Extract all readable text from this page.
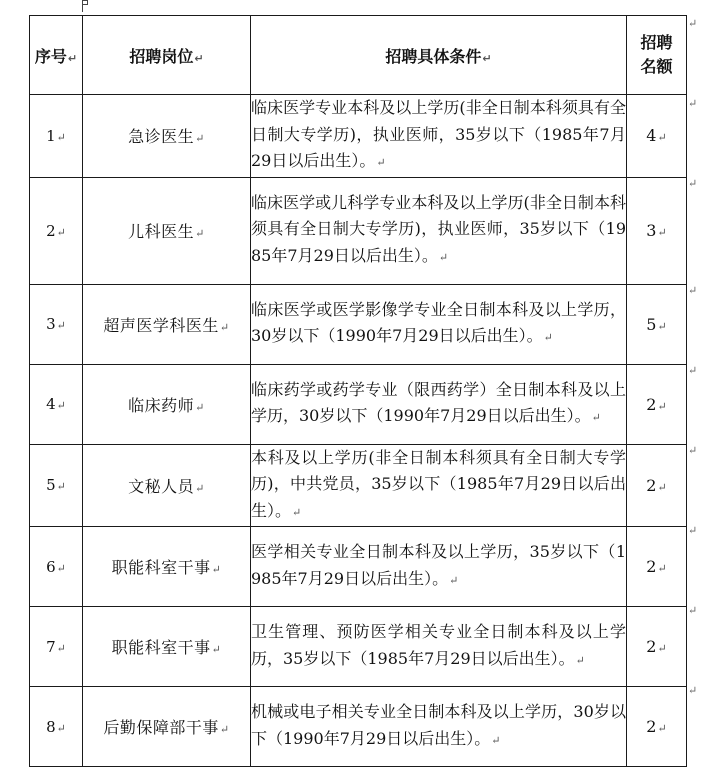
序号↵	招聘岗位↵	招聘具体条件↵	招聘名额
1↵	急诊医生↵	临床医学专业本科及以上学历(非全日制本科须具有全日制大专学历)，执业医师，35岁以下（1985年7月29日以后出生）。↵	4↵
2↵	儿科医生↵	临床医学或儿科学专业本科及以上学历(非全日制本科须具有全日制大专学历)，执业医师，35岁以下（1985年7月29日以后出生）。↵	3↵
3↵	超声医学科医生↵	临床医学或医学影像学专业全日制本科及以上学历，30岁以下（1990年7月29日以后出生）。↵	5↵
4↵	临床药师↵	临床药学或药学专业（限西药学）全日制本科及以上学历，30岁以下（1990年7月29日以后出生）。↵	2↵
5↵	文秘人员↵	本科及以上学历(非全日制本科须具有全日制大专学历)，中共党员，35岁以下（1985年7月29日以后出生）。↵	2↵
6↵	职能科室干事↵	医学相关专业全日制本科及以上学历，35岁以下（1985年7月29日以后出生）。↵	2↵
7↵	职能科室干事↵	卫生管理、预防医学相关专业全日制本科及以上学历，35岁以下（1985年7月29日以后出生）。↵	2↵
8↵	后勤保障部干事↵	机械或电子相关专业全日制本科及以上学历，30岁以下（1990年7月29日以后出生）。↵	2↵
↵
↵
↵
↵
↵
↵
↵
↵
↵
